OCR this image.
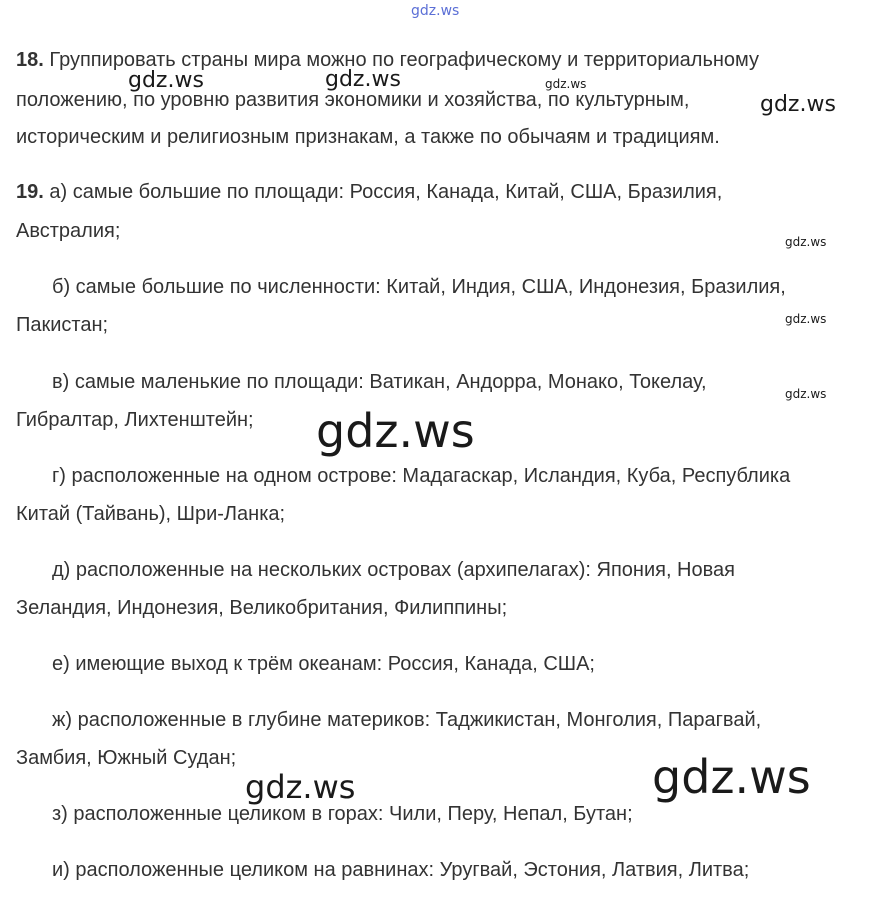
gdz.ws
gdz.ws	gdz.ws	gdz.ws
gdz.ws
gdz.ws
gdz.ws
gdz.ws
gdz.ws
gdz.ws	gdz.ws
18. Группировать страны мира можно по географическому и территориальному
положению, по уровню развития экономики и хозяйства, по культурным,
историческим и религиозным признакам, а также по обычаям и традициям.
19. а) самые большие по площади: Россия, Канада, Китай, США, Бразилия,
Австралия;
б) самые большие по численности: Китай, Индия, США, Индонезия, Бразилия,
Пакистан;
в) самые маленькие по площади: Ватикан, Андорра, Монако, Токелау,
Гибралтар, Лихтенштейн;
г) расположенные на одном острове: Мадагаскар, Исландия, Куба, Республика
Китай (Тайвань), Шри-Ланка;
д) расположенные на нескольких островах (архипелагах): Япония, Новая
Зеландия, Индонезия, Великобритания, Филиппины;
е) имеющие выход к трём океанам: Россия, Канада, США;
ж) расположенные в глубине материков: Таджикистан, Монголия, Парагвай,
Замбия, Южный Судан;
з) расположенные целиком в горах: Чили, Перу, Непал, Бутан;
и) расположенные целиком на равнинах: Уругвай, Эстония, Латвия, Литва;
